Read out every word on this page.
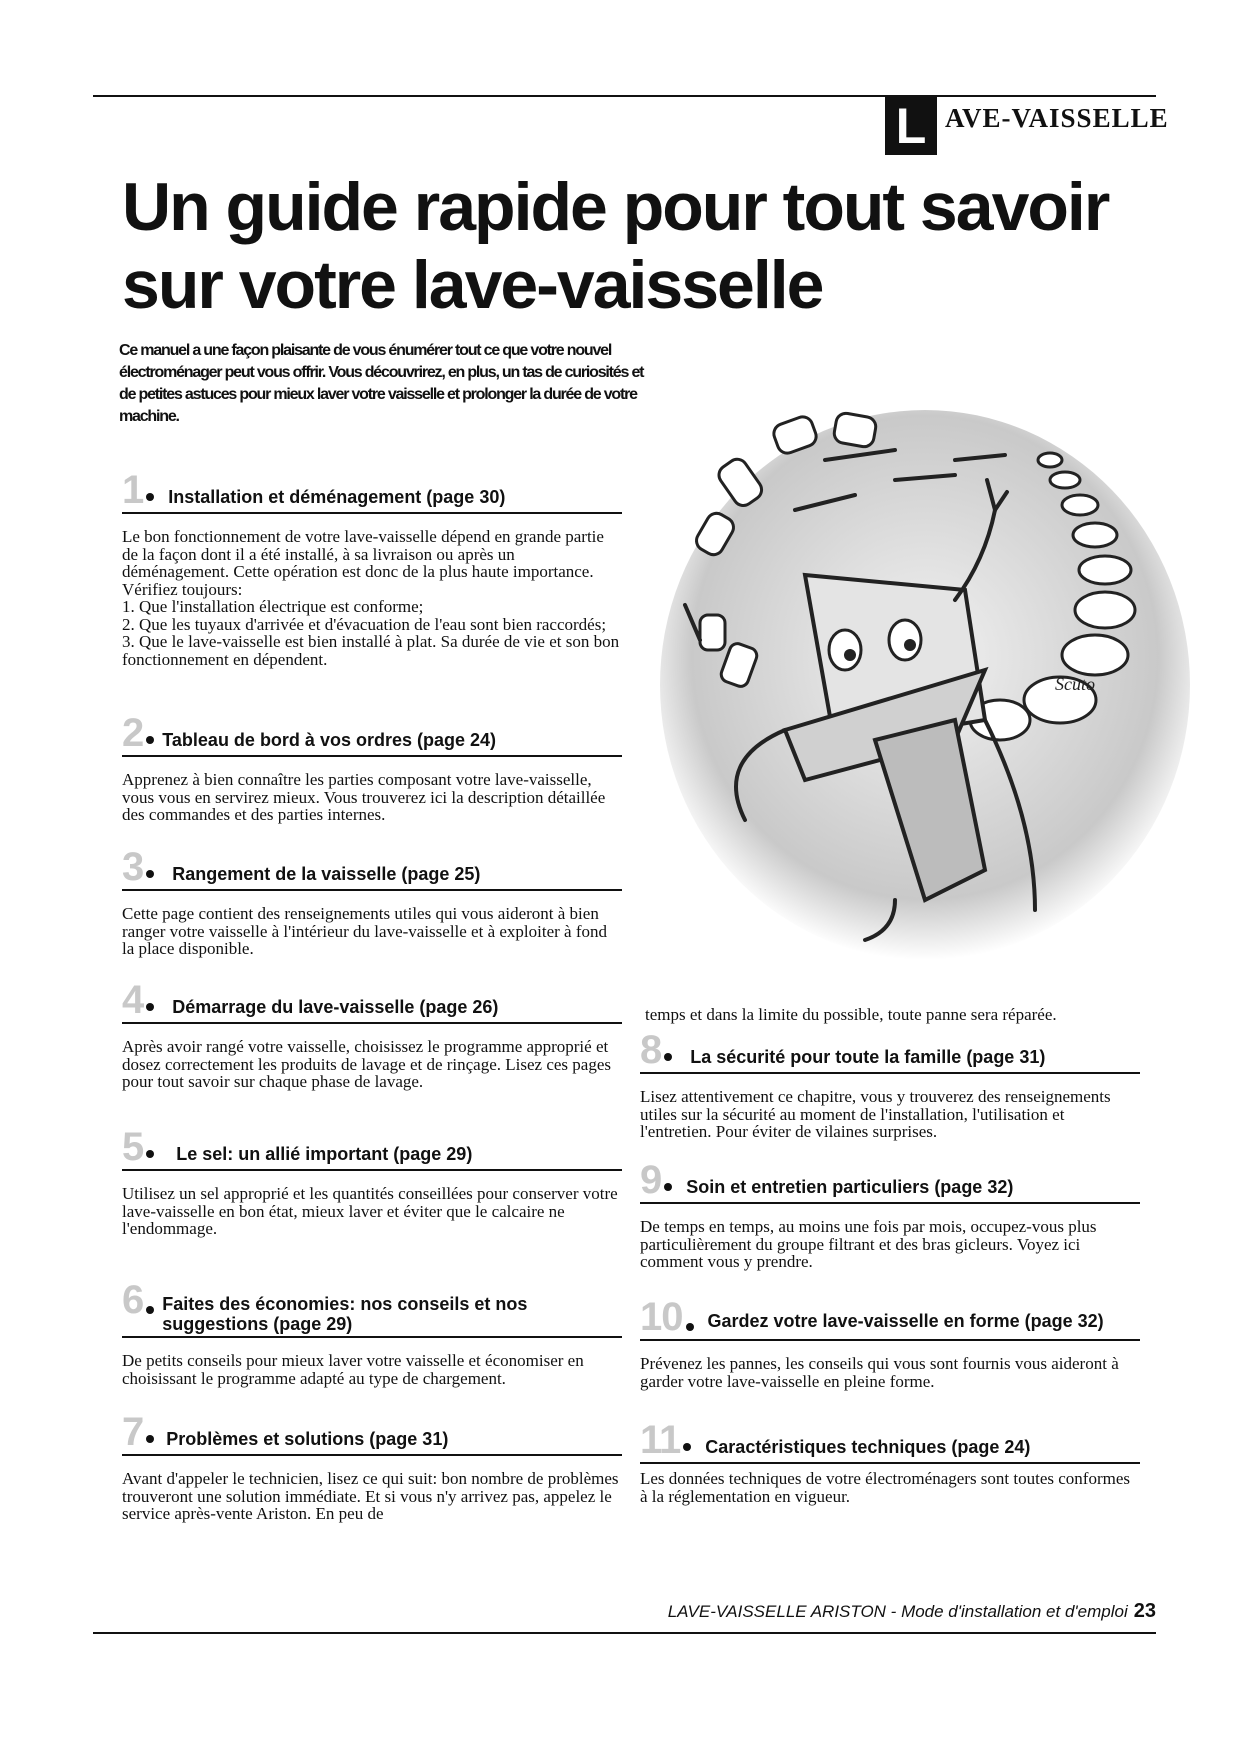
L AVE-VAISSELLE
Un guide rapide pour tout savoir sur votre lave-vaisselle

Ce manuel a une façon plaisante de vous énumérer tout ce que votre nouvel électroménager peut vous offrir. Vous découvrirez, en plus, un tas de curiosités et de petites astuces pour mieux laver votre vaisselle et prolonger la durée de votre machine.

1 Installation et déménagement (page 30)
Le bon fonctionnement de votre lave-vaisselle dépend en grande partie de la façon dont il a été installé, à sa livraison ou après un déménagement. Cette opération est donc de la plus haute importance. Vérifiez toujours:
1. Que l'installation électrique est conforme;
2. Que les tuyaux d'arrivée et d'évacuation de l'eau sont bien raccordés;
3. Que le lave-vaisselle est bien installé à plat. Sa durée de vie et son bon fonctionnement en dépendent.
2 Tableau de bord à vos ordres (page 24)
Apprenez à bien connaître les parties composant votre lave-vaisselle, vous vous en servirez mieux. Vous trouverez ici la description détaillée des commandes et des parties internes.
3 Rangement de la vaisselle (page 25)
Cette page contient des renseignements utiles qui vous aideront à bien ranger votre vaisselle à l'intérieur du lave-vaisselle et à exploiter à fond la place disponible.
4 Démarrage du lave-vaisselle (page 26)
Après avoir rangé votre vaisselle, choisissez le programme approprié et dosez correctement les produits de lavage et de rinçage. Lisez ces pages pour tout savoir sur chaque phase de lavage.
5 Le sel: un allié important (page 29)
Utilisez un sel approprié et les quantités conseillées pour conserver votre lave-vaisselle en bon état, mieux laver et éviter que le calcaire ne l'endommage.
6 Faites des économies: nos conseils et nos suggestions (page 29)
De petits conseils pour mieux laver votre vaisselle et économiser en choisissant le programme adapté au type de chargement.
7 Problèmes et solutions (page 31)
Avant d'appeler le technicien, lisez ce qui suit: bon nombre de problèmes trouveront une solution immédiate. Et si vous n'y arrivez pas, appelez le service après-vente Ariston. En peu de
Scuto
temps et dans la limite du possible, toute panne sera réparée.
8 La sécurité pour toute la famille (page 31)
Lisez attentivement ce chapitre, vous y trouverez des renseignements utiles sur la sécurité au moment de l'installation, l'utilisation et l'entretien. Pour éviter de vilaines surprises.
9 Soin et entretien particuliers (page 32)
De temps en temps, au moins une fois par mois, occupez-vous plus particulièrement du groupe filtrant et des bras gicleurs. Voyez ici comment vous y prendre.
10 Gardez votre lave-vaisselle en forme (page 32)
Prévenez les pannes, les conseils qui vous sont fournis vous aideront à garder votre lave-vaisselle en pleine forme.
11 Caractéristiques techniques (page 24)
Les données techniques de votre électroménagers sont toutes conformes à la réglementation en vigueur.
LAVE-VAISSELLE ARISTON - Mode d'installation et d'emploi 23
